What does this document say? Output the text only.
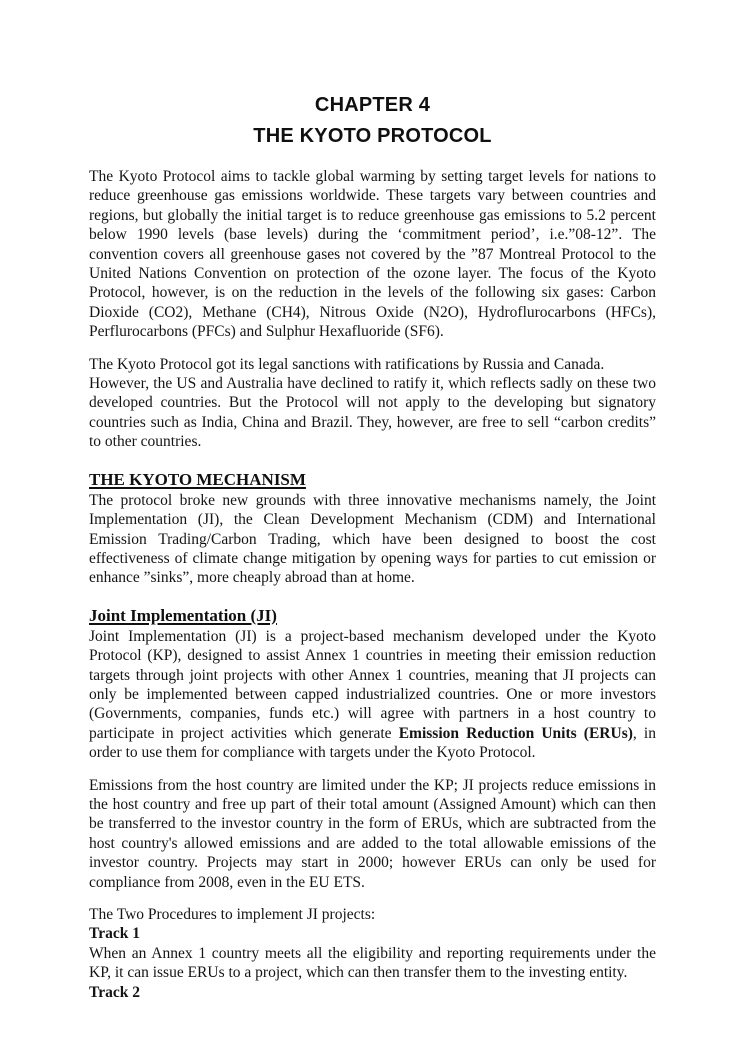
CHAPTER 4
THE KYOTO PROTOCOL

The Kyoto Protocol aims to tackle global warming by setting target levels for nations to reduce greenhouse gas emissions worldwide. These targets vary between countries and regions, but globally the initial target is to reduce greenhouse gas emissions to 5.2 percent below 1990 levels (base levels) during the ‘commitment period’, i.e.”08-12”. The convention covers all greenhouse gases not covered by the ”87 Montreal Protocol to the United Nations Convention on protection of the ozone layer. The focus of the Kyoto Protocol, however, is on the reduction in the levels of the following six gases: Carbon Dioxide (CO2), Methane (CH4), Nitrous Oxide (N2O), Hydroflurocarbons (HFCs), Perflurocarbons (PFCs) and Sulphur Hexafluoride (SF6).

The Kyoto Protocol got its legal sanctions with ratifications by Russia and Canada.
However, the US and Australia have declined to ratify it, which reflects sadly on these two developed countries. But the Protocol will not apply to the developing but signatory countries such as India, China and Brazil. They, however, are free to sell “carbon credits” to other countries.

THE KYOTO MECHANISM

The protocol broke new grounds with three innovative mechanisms namely, the Joint Implementation (JI), the Clean Development Mechanism (CDM) and International Emission Trading/Carbon Trading, which have been designed to boost the cost effectiveness of climate change mitigation by opening ways for parties to cut emission or enhance ”sinks”, more cheaply abroad than at home.

Joint Implementation (JI)

Joint Implementation (JI) is a project-based mechanism developed under the Kyoto Protocol (KP), designed to assist Annex 1 countries in meeting their emission reduction targets through joint projects with other Annex 1 countries, meaning that JI projects can only be implemented between capped industrialized countries. One or more investors (Governments, companies, funds etc.) will agree with partners in a host country to participate in project activities which generate Emission Reduction Units (ERUs), in order to use them for compliance with targets under the Kyoto Protocol.

Emissions from the host country are limited under the KP; JI projects reduce emissions in the host country and free up part of their total amount (Assigned Amount) which can then be transferred to the investor country in the form of ERUs, which are subtracted from the host country's allowed emissions and are added to the total allowable emissions of the investor country. Projects may start in 2000; however ERUs can only be used for compliance from 2008, even in the EU ETS.

The Two Procedures to implement JI projects:
Track 1
When an Annex 1 country meets all the eligibility and reporting requirements under the KP, it can issue ERUs to a project, which can then transfer them to the investing entity.
Track 2
